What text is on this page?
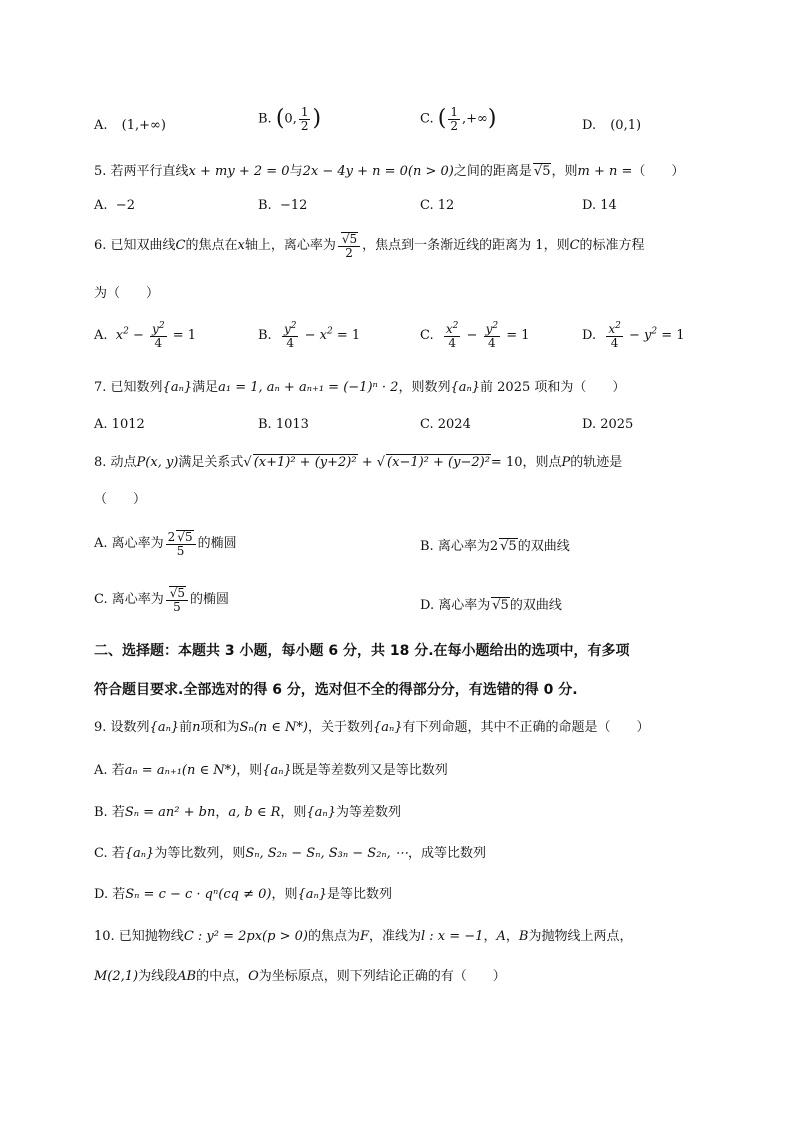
A. (1,+∞)	B. (0, $\frac{1}{2}$ )	C. ( $\frac{1}{2}$ ,+∞)	D. (0,1)
5. 若两平行直线x + my + 2 = 0与2x − 4y + n = 0(n > 0)之间的距离是 √ 5，则m + n =（　　）
A. −2	B. −12	C. 12	D. 14
6. 已知双曲线C的焦点在x轴上，离心率为 √ $\frac{5}{2}$ ，焦点到一条渐近线的距离为 1，则C的标准方程
为（　　）
A. $x^2 - \frac{y^2}{4} = 1$	B. $\frac{y^2}{4} - x^2 = 1$	C. $\frac{x^2}{4} - \frac{y^2}{4} = 1$	D. $\frac{x^2}{4} - y^2 = 1$
7. 已知数列{aₙ}满足a₁ = 1, aₙ + aₙ₊₁ = (−1)ⁿ · 2，则数列{aₙ}前 2025 项和为（　　）
A. 1012	B. 1013	C. 2024	D. 2025
8. 动点P(x, y)满足关系式 √ (x+1)² + (y+2)² + √ (x−1)² + (y−2)²= 10，则点P的轨迹是
（　　）
A. 离心率为 $\frac{2 √ 5}{5}$ 的椭圆	B. 离心率为2 √ 5的双曲线
C. 离心率为 √ $\frac{5}{5}$ 的椭圆	D. 离心率为 √ 5的双曲线
二、选择题：本题共 3 小题，每小题 6 分，共 18 分.在每小题给出的选项中，有多项
符合题目要求.全部选对的得 6 分，选对但不全的得部分分，有选错的得 0 分.
9. 设数列{aₙ}前n项和为Sₙ(n ∈ N*)，关于数列{aₙ}有下列命题，其中不正确的命题是（　　）
A. 若aₙ = aₙ₊₁(n ∈ N*)，则{aₙ}既是等差数列又是等比数列
B. 若Sₙ = an² + bn，a, b ∈ R，则{aₙ}为等差数列
C. 若{aₙ}为等比数列，则Sₙ, S₂ₙ − Sₙ, S₃ₙ − S₂ₙ, ⋯，成等比数列
D. 若Sₙ = c − c · qⁿ(cq ≠ 0)，则{aₙ}是等比数列
10. 已知抛物线C : y² = 2px(p > 0)的焦点为F，准线为l : x = −1，A，B为抛物线上两点，
M(2,1)为线段AB的中点，O为坐标原点，则下列结论正确的有（　　）
